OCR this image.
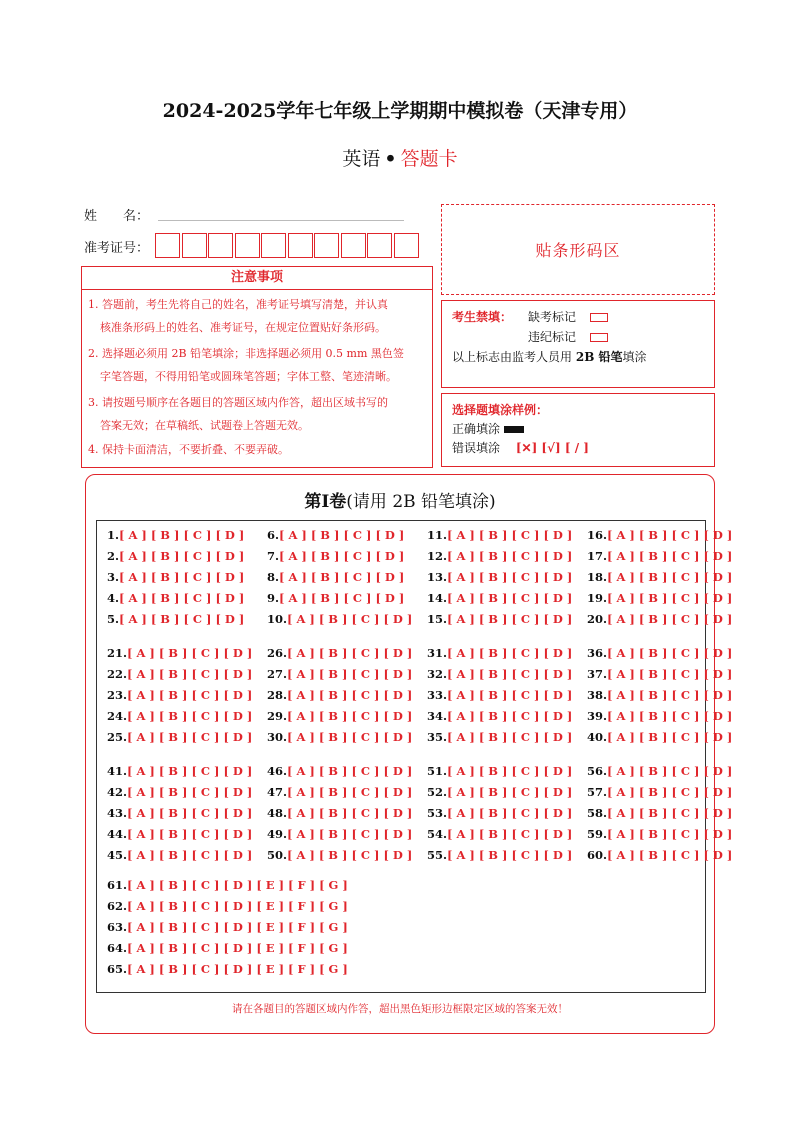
2024-2025学年七年级上学期期中模拟卷（天津专用）
英语 • 答题卡
姓　　名：
准考证号：	贴条形码区
注意事项
1. 答题前，考生先将自己的姓名，准考证号填写清楚，并认真
核准条形码上的姓名、准考证号，在规定位置贴好条形码。
2. 选择题必须用 2B 铅笔填涂；非选择题必须用 0.5 mm 黑色签
字笔答题，不得用铅笔或圆珠笔答题；字体工整、笔迹清晰。
3. 请按题号顺序在各题目的答题区域内作答，超出区域书写的
答案无效；在草稿纸、试题卷上答题无效。
4. 保持卡面清洁，不要折叠、不要弄破。
考生禁填： 缺考标记
违纪标记
以上标志由监考人员用 2B 铅笔填涂
选择题填涂样例：
正确填涂
错误填涂 [✕] [√] [ / ]
第Ⅰ卷(请用 2B 铅笔填涂)
1.[ A ] [ B ] [ C ] [ D ]
2.[ A ] [ B ] [ C ] [ D ]
3.[ A ] [ B ] [ C ] [ D ]
4.[ A ] [ B ] [ C ] [ D ]
5.[ A ] [ B ] [ C ] [ D ]
6.[ A ] [ B ] [ C ] [ D ]
7.[ A ] [ B ] [ C ] [ D ]
8.[ A ] [ B ] [ C ] [ D ]
9.[ A ] [ B ] [ C ] [ D ]
10.[ A ] [ B ] [ C ] [ D ]
11.[ A ] [ B ] [ C ] [ D ]
12.[ A ] [ B ] [ C ] [ D ]
13.[ A ] [ B ] [ C ] [ D ]
14.[ A ] [ B ] [ C ] [ D ]
15.[ A ] [ B ] [ C ] [ D ]
16.[ A ] [ B ] [ C ] [ D ]
17.[ A ] [ B ] [ C ] [ D ]
18.[ A ] [ B ] [ C ] [ D ]
19.[ A ] [ B ] [ C ] [ D ]
20.[ A ] [ B ] [ C ] [ D ]
21.[ A ] [ B ] [ C ] [ D ]
22.[ A ] [ B ] [ C ] [ D ]
23.[ A ] [ B ] [ C ] [ D ]
24.[ A ] [ B ] [ C ] [ D ]
25.[ A ] [ B ] [ C ] [ D ]
26.[ A ] [ B ] [ C ] [ D ]
27.[ A ] [ B ] [ C ] [ D ]
28.[ A ] [ B ] [ C ] [ D ]
29.[ A ] [ B ] [ C ] [ D ]
30.[ A ] [ B ] [ C ] [ D ]
31.[ A ] [ B ] [ C ] [ D ]
32.[ A ] [ B ] [ C ] [ D ]
33.[ A ] [ B ] [ C ] [ D ]
34.[ A ] [ B ] [ C ] [ D ]
35.[ A ] [ B ] [ C ] [ D ]
36.[ A ] [ B ] [ C ] [ D ]
37.[ A ] [ B ] [ C ] [ D ]
38.[ A ] [ B ] [ C ] [ D ]
39.[ A ] [ B ] [ C ] [ D ]
40.[ A ] [ B ] [ C ] [ D ]
41.[ A ] [ B ] [ C ] [ D ]
42.[ A ] [ B ] [ C ] [ D ]
43.[ A ] [ B ] [ C ] [ D ]
44.[ A ] [ B ] [ C ] [ D ]
45.[ A ] [ B ] [ C ] [ D ]
46.[ A ] [ B ] [ C ] [ D ]
47.[ A ] [ B ] [ C ] [ D ]
48.[ A ] [ B ] [ C ] [ D ]
49.[ A ] [ B ] [ C ] [ D ]
50.[ A ] [ B ] [ C ] [ D ]
51.[ A ] [ B ] [ C ] [ D ]
52.[ A ] [ B ] [ C ] [ D ]
53.[ A ] [ B ] [ C ] [ D ]
54.[ A ] [ B ] [ C ] [ D ]
55.[ A ] [ B ] [ C ] [ D ]
56.[ A ] [ B ] [ C ] [ D ]
57.[ A ] [ B ] [ C ] [ D ]
58.[ A ] [ B ] [ C ] [ D ]
59.[ A ] [ B ] [ C ] [ D ]
60.[ A ] [ B ] [ C ] [ D ]
61.[ A ] [ B ] [ C ] [ D ] [ E ] [ F ] [ G ]
62.[ A ] [ B ] [ C ] [ D ] [ E ] [ F ] [ G ]
63.[ A ] [ B ] [ C ] [ D ] [ E ] [ F ] [ G ]
64.[ A ] [ B ] [ C ] [ D ] [ E ] [ F ] [ G ]
65.[ A ] [ B ] [ C ] [ D ] [ E ] [ F ] [ G ]
请在各题目的答题区域内作答，超出黑色矩形边框限定区域的答案无效！
